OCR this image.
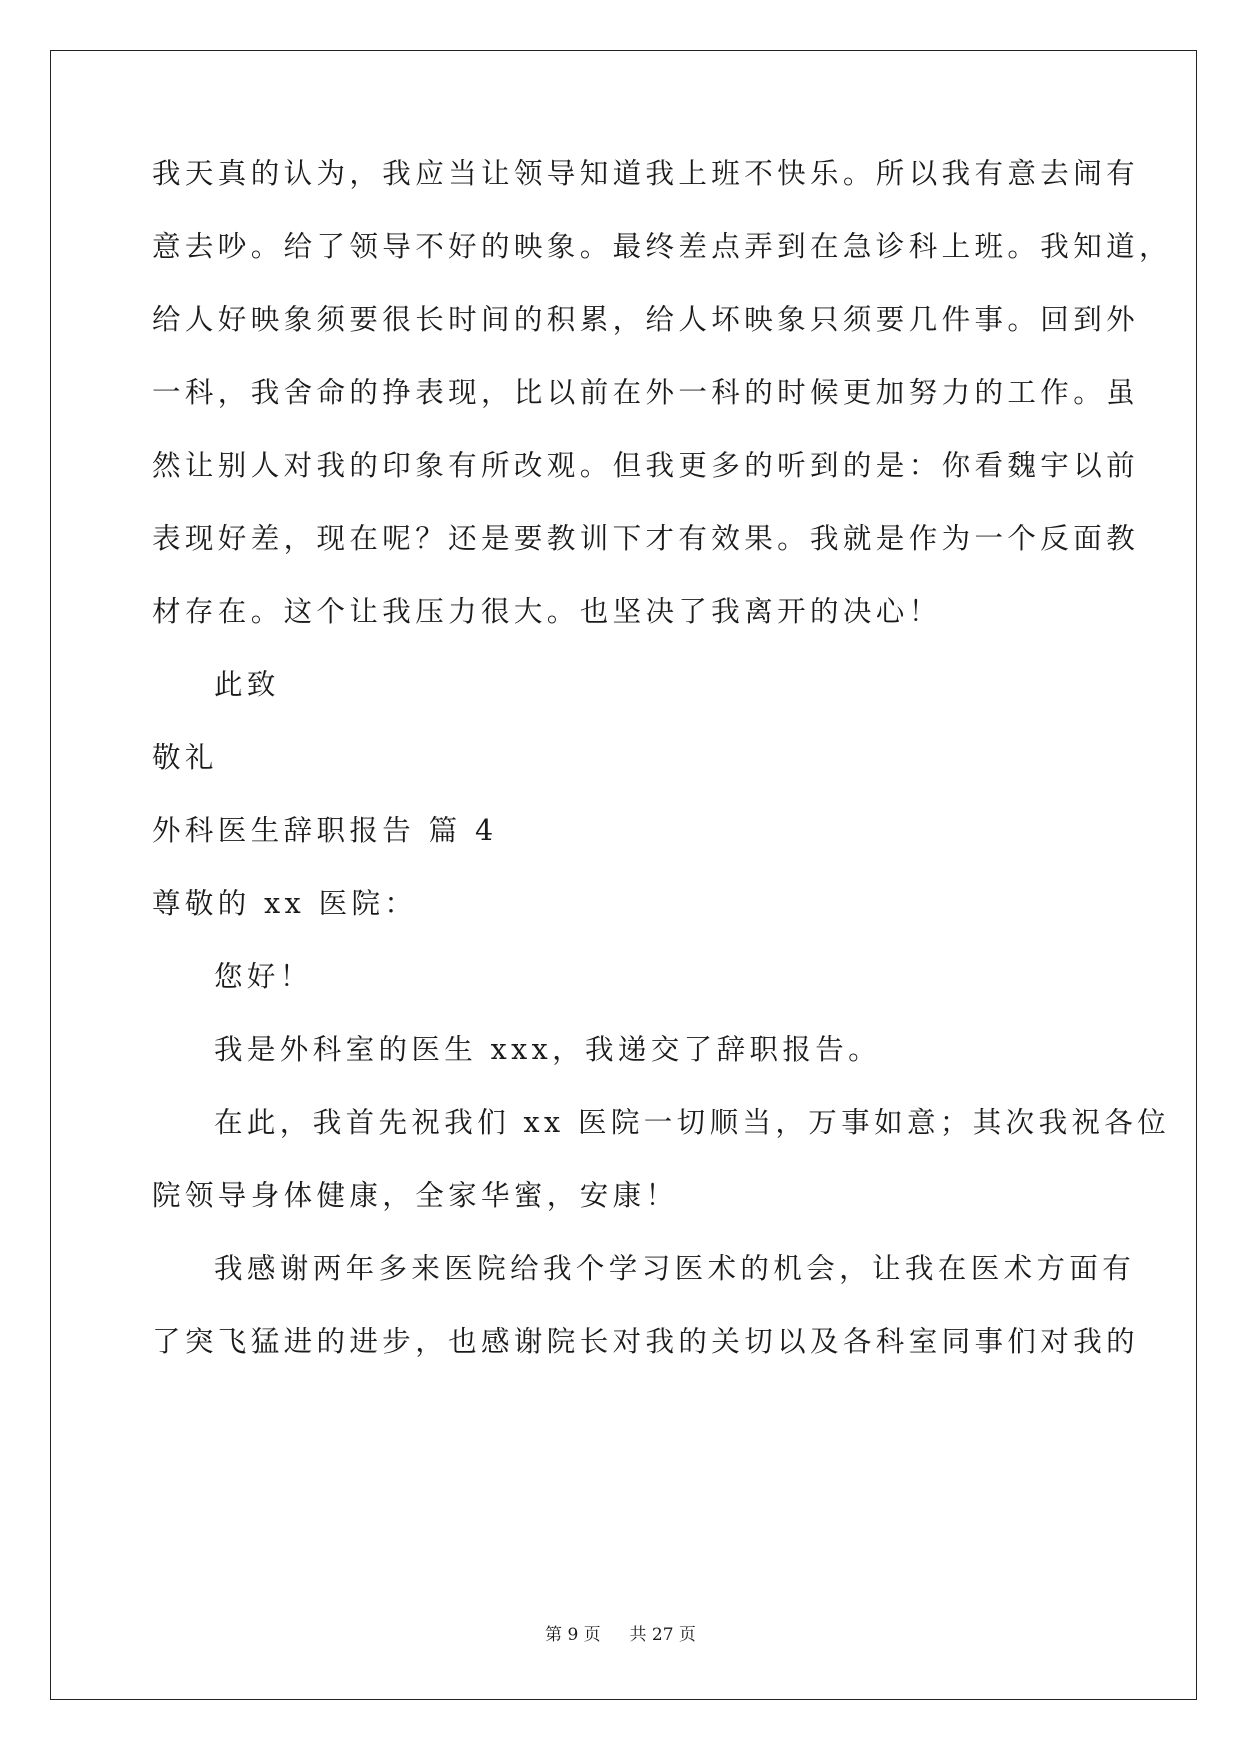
我天真的认为，我应当让领导知道我上班不快乐。所以我有意去闹有
意去吵。给了领导不好的映象。最终差点弄到在急诊科上班。我知道，
给人好映象须要很长时间的积累，给人坏映象只须要几件事。回到外
一科，我舍命的挣表现，比以前在外一科的时候更加努力的工作。虽
然让别人对我的印象有所改观。但我更多的听到的是：你看魏宇以前
表现好差，现在呢？还是要教训下才有效果。我就是作为一个反面教
材存在。这个让我压力很大。也坚决了我离开的决心！
此致
敬礼
外科医生辞职报告 篇 4
尊敬的 xx 医院：
您好！
我是外科室的医生 xxx，我递交了辞职报告。
在此，我首先祝我们 xx 医院一切顺当，万事如意；其次我祝各位
院领导身体健康，全家华蜜，安康！
我感谢两年多来医院给我个学习医术的机会，让我在医术方面有
了突飞猛进的进步，也感谢院长对我的关切以及各科室同事们对我的
第 9 页 共 27 页
